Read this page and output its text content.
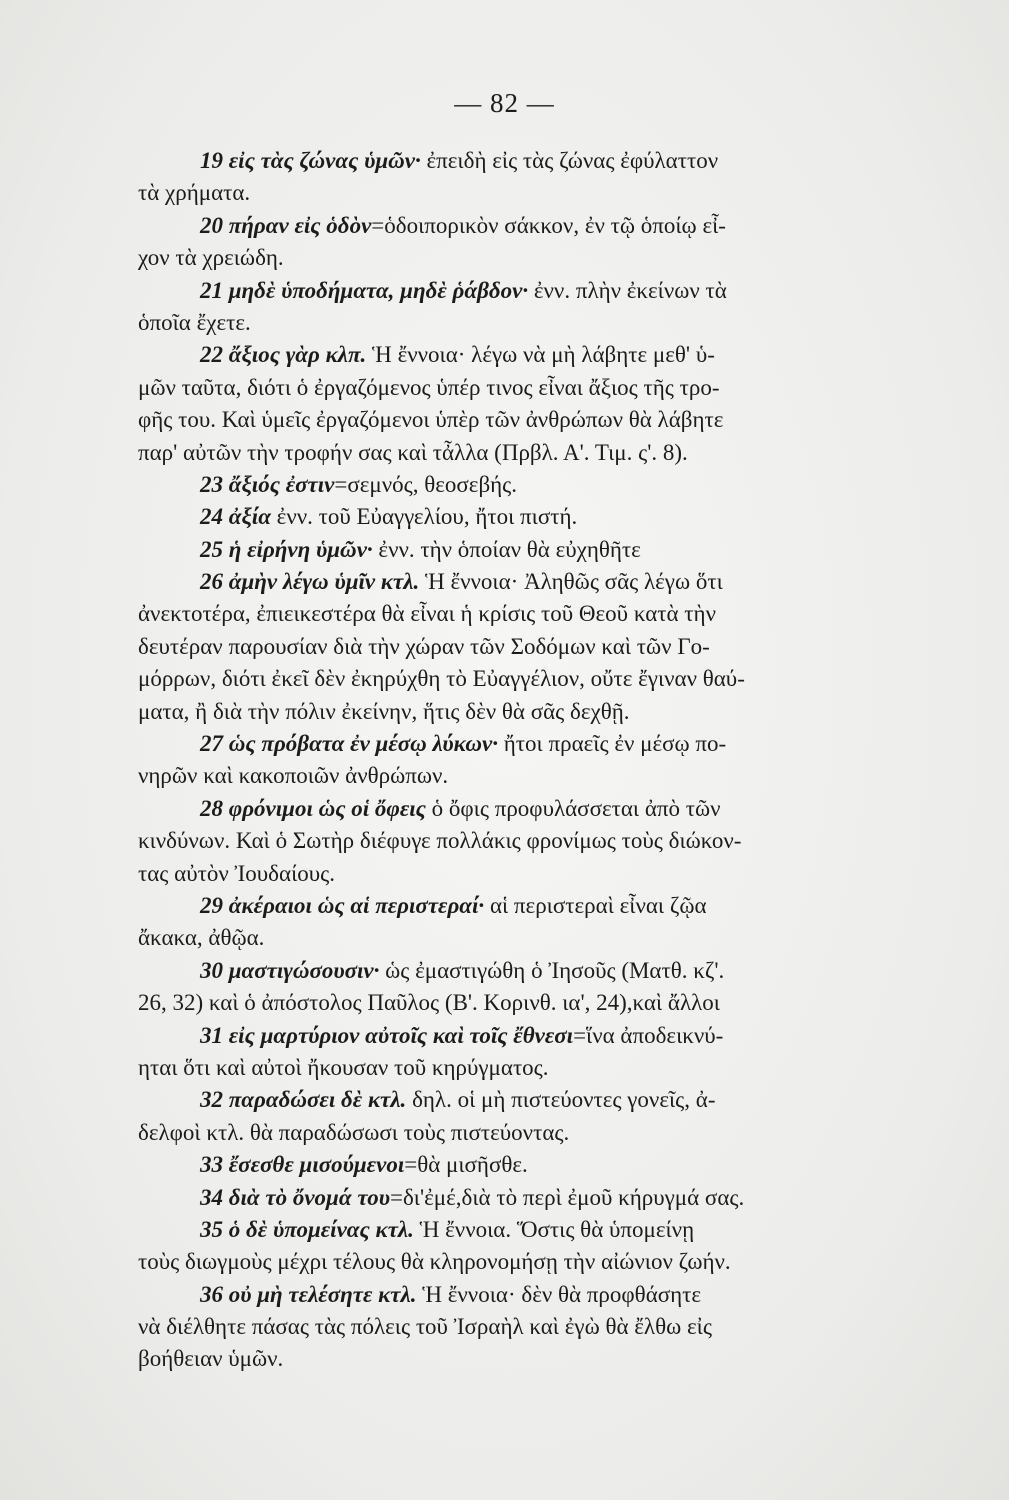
— 82 —
19 εἰς τὰς ζώνας ὑμῶν· ἐπειδὴ εἰς τὰς ζώνας ἐφύλαττον
τὰ χρήματα.
20 πήραν εἰς ὁδὸν=ὁδοιπορικὸν σάκκον, ἐν τῷ ὁποίῳ εἶ-
χον τὰ χρειώδη.
21 μηδὲ ὑποδήματα, μηδὲ ῥάβδον· ἐνν. πλὴν ἐκείνων τὰ
ὁποῖα ἔχετε.
22 ἄξιος γὰρ κλπ. Ἡ ἔννοια· λέγω νὰ μὴ λάβητε μεθ' ὑ-
μῶν ταῦτα, διότι ὁ ἐργαζόμενος ὑπέρ τινος εἶναι ἄξιος τῆς τρο-
φῆς του. Καὶ ὑμεῖς ἐργαζόμενοι ὑπὲρ τῶν ἀνθρώπων θὰ λάβητε
παρ' αὐτῶν τὴν τροφήν σας καὶ τἆλλα (Πρβλ. Α'. Τιμ. ς'. 8).
23 ἄξιός ἐστιν=σεμνός, θεοσεβής.
24 ἀξία ἐνν. τοῦ Εὐαγγελίου, ἤτοι πιστή.
25 ἡ εἰρήνη ὑμῶν· ἐνν. τὴν ὁποίαν θὰ εὐχηθῆτε
26 ἀμὴν λέγω ὑμῖν κτλ. Ἡ ἔννοια· Ἀληθῶς σᾶς λέγω ὅτι
ἀνεκτοτέρα, ἐπιεικεστέρα θὰ εἶναι ἡ κρίσις τοῦ Θεοῦ κατὰ τὴν
δευτέραν παρουσίαν διὰ τὴν χώραν τῶν Σοδόμων καὶ τῶν Γο-
μόρρων, διότι ἐκεῖ δὲν ἐκηρύχθη τὸ Εὐαγγέλιον, οὔτε ἔγιναν θαύ-
ματα, ἢ διὰ τὴν πόλιν ἐκείνην, ἥτις δὲν θὰ σᾶς δεχθῇ.
27 ὡς πρόβατα ἐν μέσῳ λύκων· ἤτοι πραεῖς ἐν μέσῳ πο-
νηρῶν καὶ κακοποιῶν ἀνθρώπων.
28 φρόνιμοι ὡς οἱ ὄφεις ὁ ὄφις προφυλάσσεται ἀπὸ τῶν
κινδύνων. Καὶ ὁ Σωτὴρ διέφυγε πολλάκις φρονίμως τοὺς διώκον-
τας αὐτὸν Ἰουδαίους.
29 ἀκέραιοι ὡς αἱ περιστεραί· αἱ περιστεραὶ εἶναι ζῷα
ἄκακα, ἀθῷα.
30 μαστιγώσουσιν· ὡς ἐμαστιγώθη ὁ Ἰησοῦς (Ματθ. κζ'.
26, 32) καὶ ὁ ἀπόστολος Παῦλος (Β'. Κορινθ. ια', 24),καὶ ἄλλοι
31 εἰς μαρτύριον αὐτοῖς καὶ τοῖς ἔθνεσι=ἵνα ἀποδεικνύ-
ηται ὅτι καὶ αὐτοὶ ἤκουσαν τοῦ κηρύγματος.
32 παραδώσει δὲ κτλ. δηλ. οἱ μὴ πιστεύοντες γονεῖς, ἀ-
δελφοὶ κτλ. θὰ παραδώσωσι τοὺς πιστεύοντας.
33 ἔσεσθε μισούμενοι=θὰ μισῆσθε.
34 διὰ τὸ ὄνομά του=δι'ἐμέ,διὰ τὸ περὶ ἐμοῦ κήρυγμά σας.
35 ὁ δὲ ὑπομείνας κτλ. Ἡ ἔννοια. Ὅστις θὰ ὑπομείνῃ
τοὺς διωγμοὺς μέχρι τέλους θὰ κληρονομήσῃ τὴν αἰώνιον ζωήν.
36 οὐ μὴ τελέσητε κτλ. Ἡ ἔννοια· δὲν θὰ προφθάσητε
νὰ διέλθητε πάσας τὰς πόλεις τοῦ Ἰσραὴλ καὶ ἐγὼ θὰ ἔλθω εἰς
βοήθειαν ὑμῶν.
